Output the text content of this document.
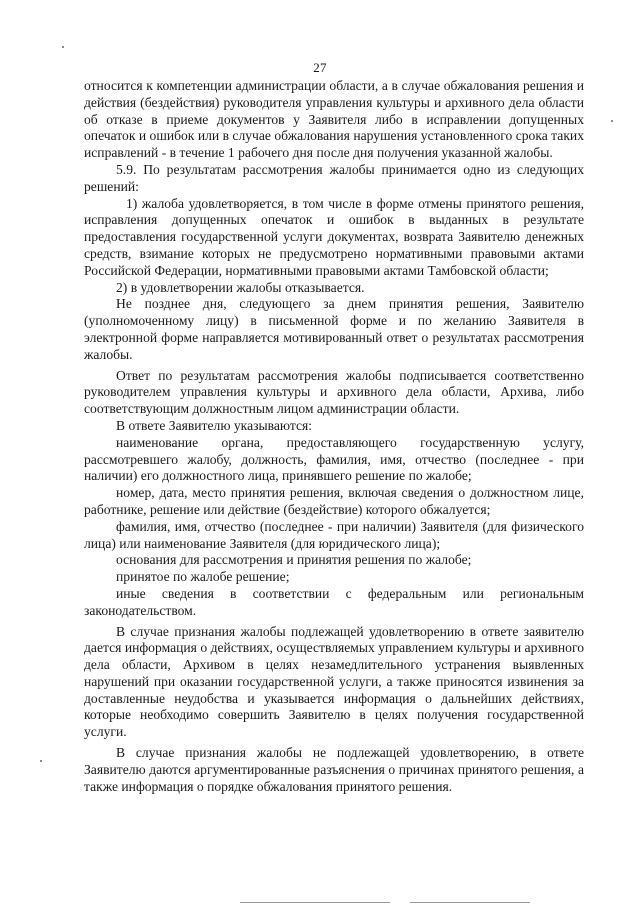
27

относится к компетенции администрации области, а в случае обжалования решения и действия (бездействия) руководителя управления культуры и архивного дела области об отказе в приеме документов у Заявителя либо в исправлении допущенных опечаток и ошибок или в случае обжалования нарушения установленного срока таких исправлений - в течение 1 рабочего дня после дня получения указанной жалобы.

5.9. По результатам рассмотрения жалобы принимается одно из следующих решений:

1) жалоба удовлетворяется, в том числе в форме отмены принятого решения, исправления допущенных опечаток и ошибок в выданных в результате предоставления государственной услуги документах, возврата Заявителю денежных средств, взимание которых не предусмотрено нормативными правовыми актами Российской Федерации, нормативными правовыми актами Тамбовской области;

2) в удовлетворении жалобы отказывается.

Не позднее дня, следующего за днем принятия решения, Заявителю (уполномоченному лицу) в письменной форме и по желанию Заявителя в электронной форме направляется мотивированный ответ о результатах рассмотрения жалобы.

Ответ по результатам рассмотрения жалобы подписывается соответственно руководителем управления культуры и архивного дела области, Архива, либо соответствующим должностным лицом администрации области.

В ответе Заявителю указываются:

наименование органа, предоставляющего государственную услугу, рассмотревшего жалобу, должность, фамилия, имя, отчество (последнее - при наличии) его должностного лица, принявшего решение по жалобе;

номер, дата, место принятия решения, включая сведения о должностном лице, работнике, решение или действие (бездействие) которого обжалуется;

фамилия, имя, отчество (последнее - при наличии) Заявителя (для физического лица) или наименование Заявителя (для юридического лица);

основания для рассмотрения и принятия решения по жалобе;

принятое по жалобе решение;

иные сведения в соответствии с федеральным или региональным законодательством.

В случае признания жалобы подлежащей удовлетворению в ответе заявителю дается информация о действиях, осуществляемых управлением культуры и архивного дела области, Архивом в целях незамедлительного устранения выявленных нарушений при оказании государственной услуги, а также приносятся извинения за доставленные неудобства и указывается информация о дальнейших действиях, которые необходимо совершить Заявителю в целях получения государственной услуги.

В случае признания жалобы не подлежащей удовлетворению, в ответе Заявителю даются аргументированные разъяснения о причинах принятого решения, а также информация о порядке обжалования принятого решения.
